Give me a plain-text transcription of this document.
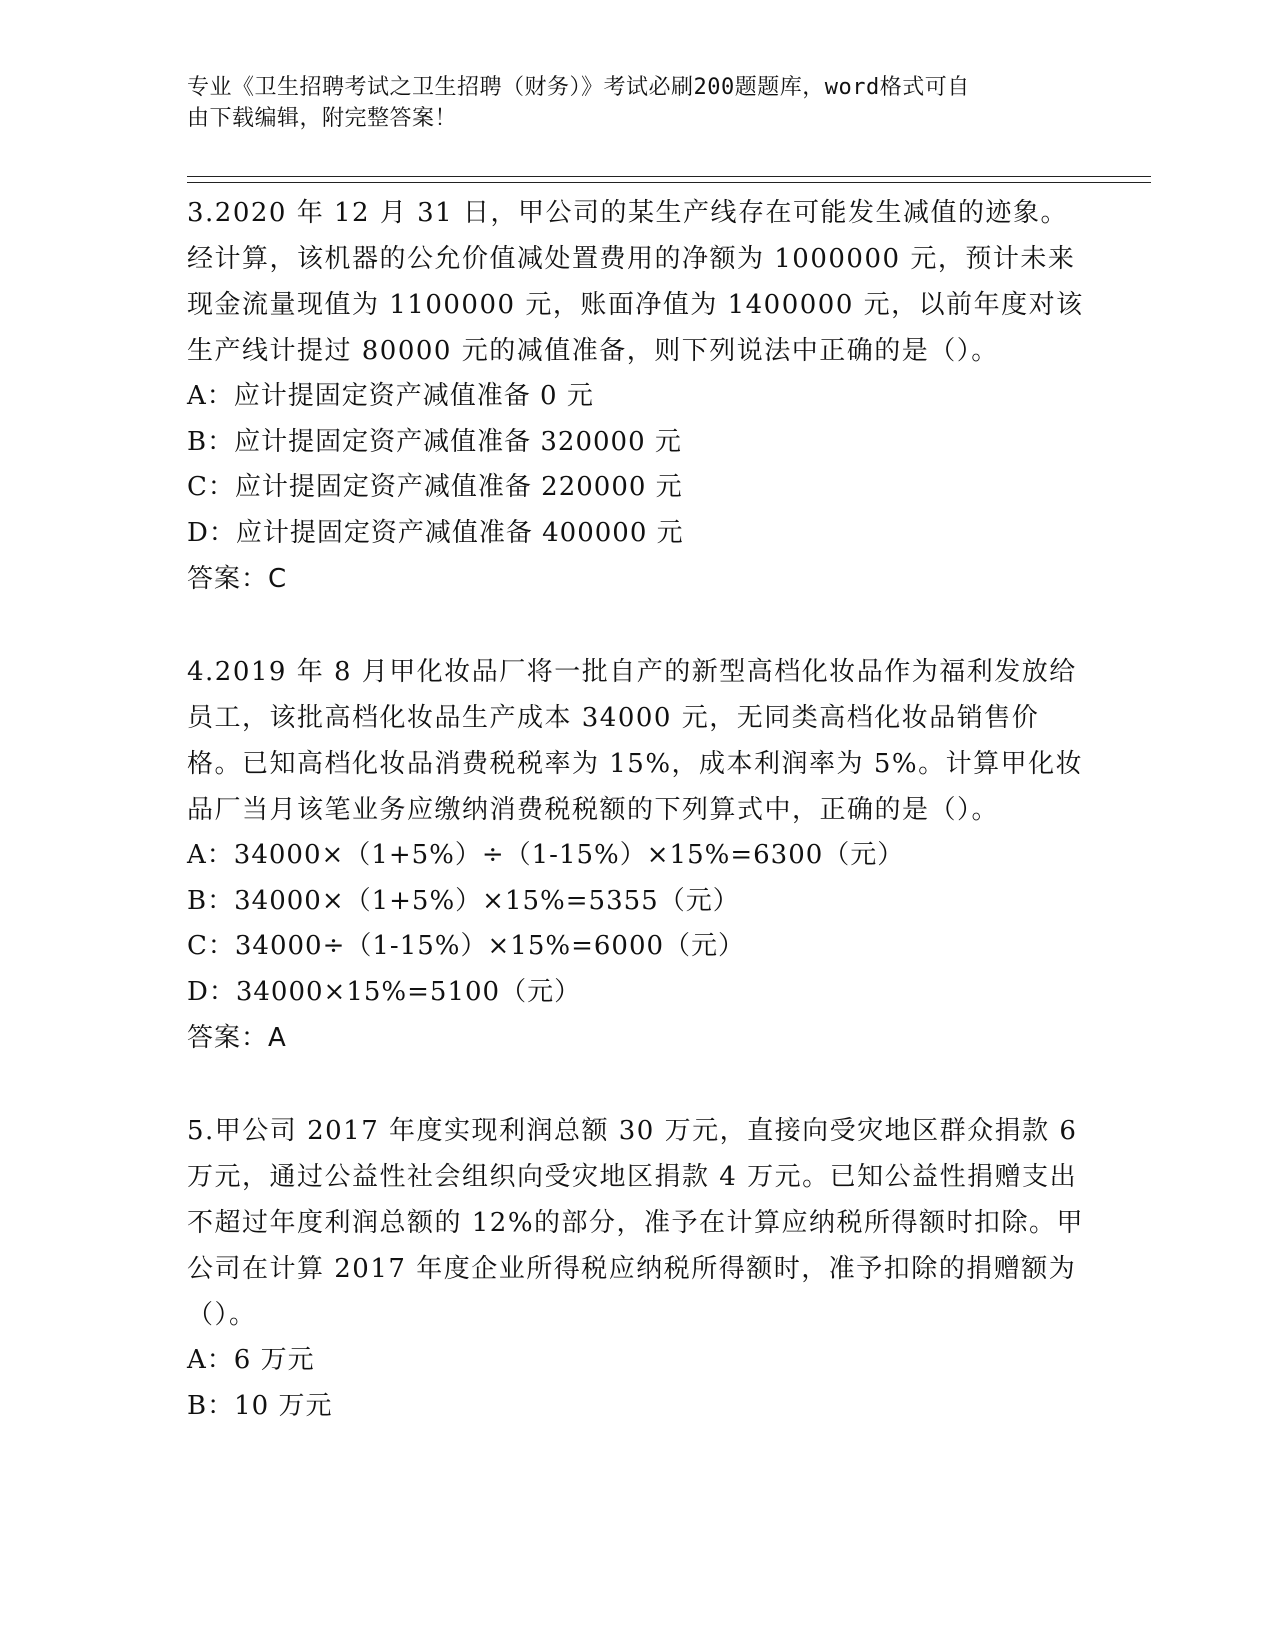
专业《卫生招聘考试之卫生招聘（财务）》考试必刷200题题库，word格式可自
由下载编辑，附完整答案！
3.2020 年 12 月 31 日，甲公司的某生产线存在可能发生减值的迹象。经计算，该机器的公允价值减处置费用的净额为 1000000 元，预计未来现金流量现值为 1100000 元，账面净值为 1400000 元，以前年度对该生产线计提过 80000 元的减值准备，则下列说法中正确的是（）。
A：应计提固定资产减值准备 0 元
B：应计提固定资产减值准备 320000 元
C：应计提固定资产减值准备 220000 元
D：应计提固定资产减值准备 400000 元
答案：C
4.2019 年 8 月甲化妆品厂将一批自产的新型高档化妆品作为福利发放给员工，该批高档化妆品生产成本 34000 元，无同类高档化妆品销售价格。已知高档化妆品消费税税率为 15%，成本利润率为 5%。计算甲化妆品厂当月该笔业务应缴纳消费税税额的下列算式中，正确的是（）。
A：34000×（1+5%）÷（1-15%）×15%=6300（元）
B：34000×（1+5%）×15%=5355（元）
C：34000÷（1-15%）×15%=6000（元）
D：34000×15%=5100（元）
答案：A
5.甲公司 2017 年度实现利润总额 30 万元，直接向受灾地区群众捐款 6 万元，通过公益性社会组织向受灾地区捐款 4 万元。已知公益性捐赠支出不超过年度利润总额的 12%的部分，准予在计算应纳税所得额时扣除。甲公司在计算 2017 年度企业所得税应纳税所得额时，准予扣除的捐赠额为（）。
A：6 万元
B：10 万元
